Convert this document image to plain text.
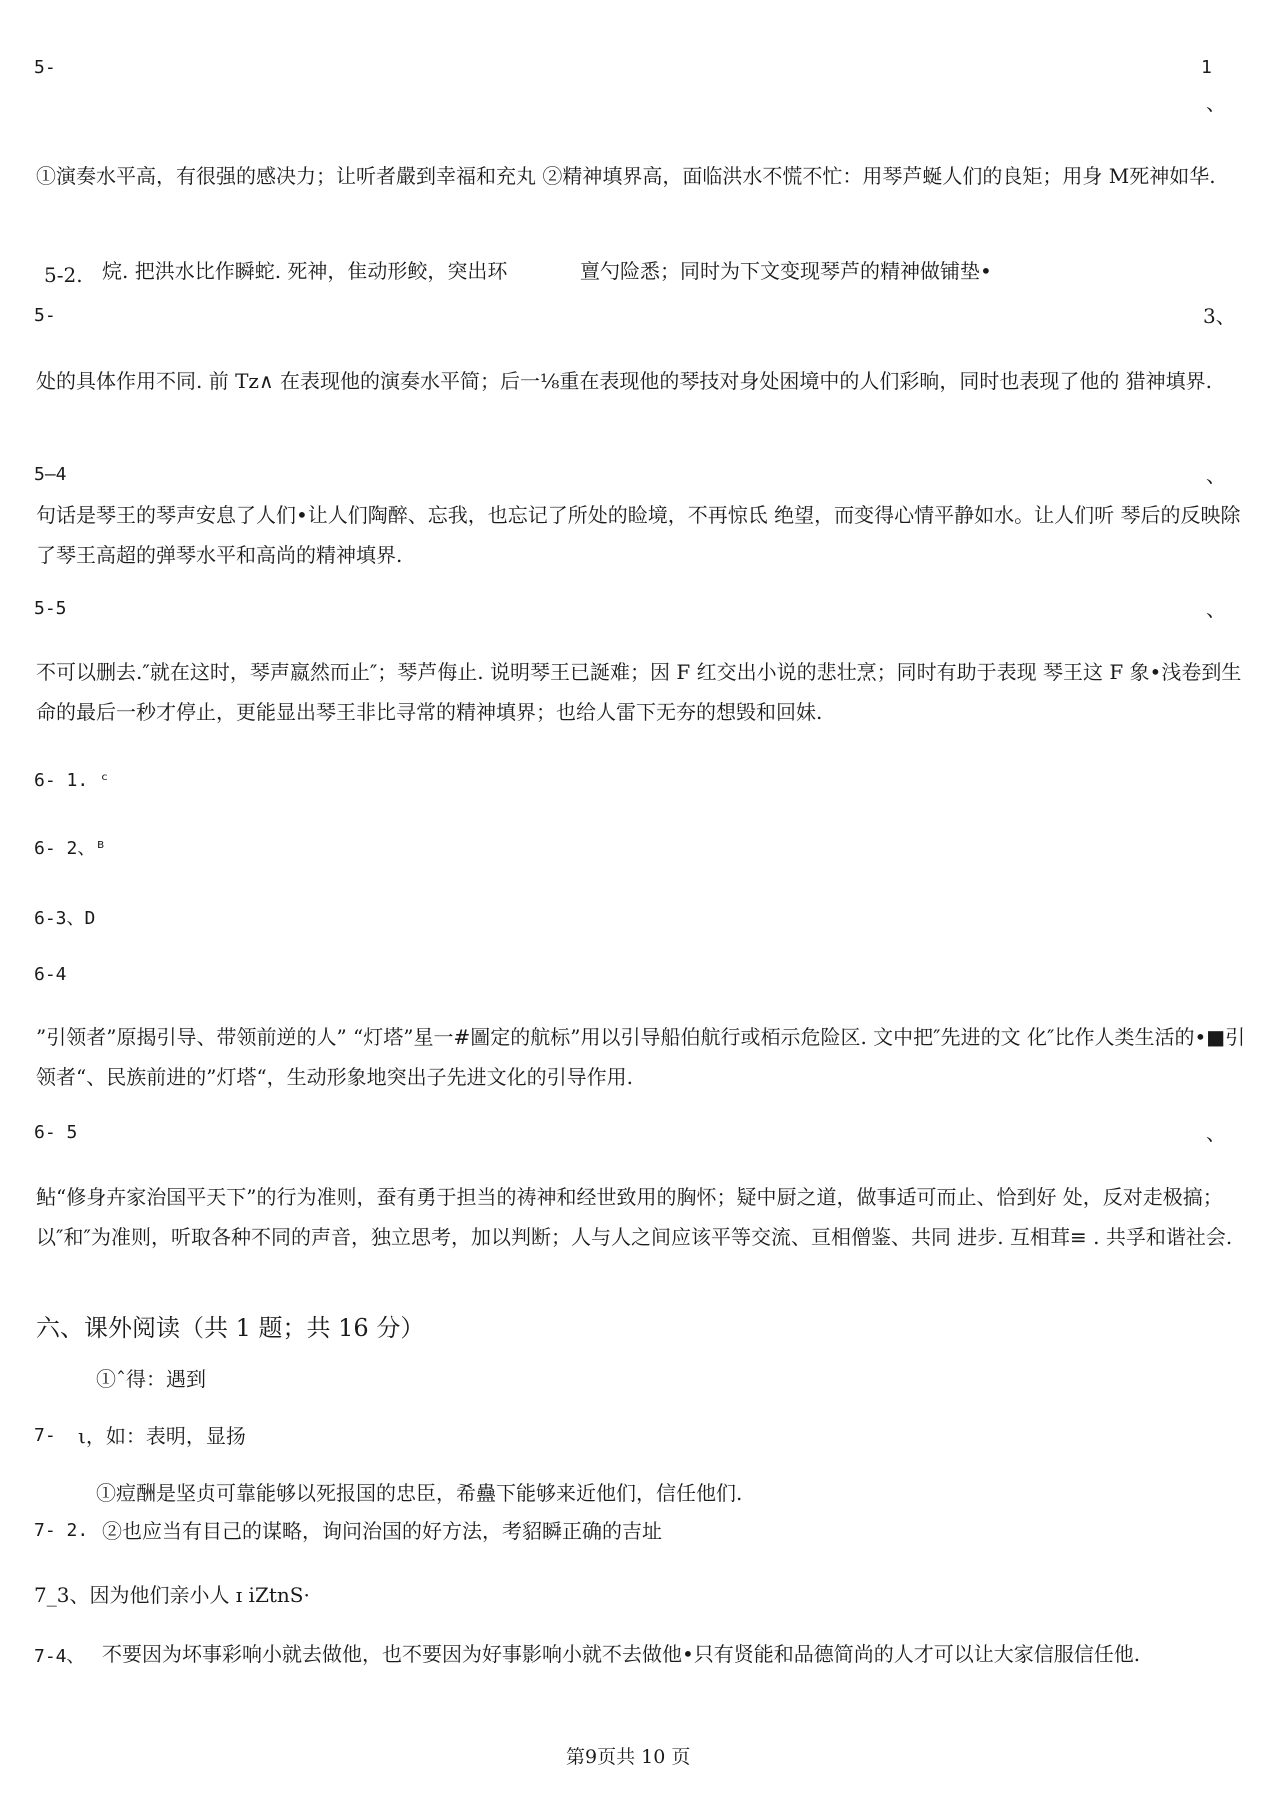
5-	1
、
①演奏水平高，有很强的感决力；让听者嚴到幸福和充丸 ②精神填界高，面临洪水不慌不忙：用琴芦蜒人们的良矩；用身 M死神如华.
5-2. 烷. 把洪水比作瞬蛇. 死神，隹动形鲛，突出环	亶勺险悉；同时为下文变现琴芦的精神做铺垫•
5-	3、
处的具体作用不同. 前 Tz∧ 在表现他的演奏水平简；后一⅛重在表现他的琴技对身处困境中的人们彩晌，同时也表现了他的 猎神填界.
5—4	、
句话是琴王的琴声安息了人们•让人们陶醉、忘我，也忘记了所处的睑境，不再惊氐 绝望，而变得心情平静如水。让人们听 琴后的反映除了琴王高超的弹琴水平和高尚的精神填界.
5-5	、
不可以删去.″就在这时，琴声嬴然而止″；琴芦侮止. 说明琴王已誕难；因 F 红交出小说的悲壮烹；同时有助于表现 琴王这 F 象•浅卷到生命的最后一秒才停止，更能显出琴王非比寻常的精神填界；也给人雷下无夯的想毁和回妹.
6- 1. ᶜ
6- 2、ᴮ
6-3、D
6-4
”引领者”原揭引导、带领前逆的人” “灯塔”星一#圖定的航标”用以引导船伯航行或栢示危险区. 文中把″先进的文 化″比作人类生活的•■引领者“、民族前进的”灯塔“，生动形象地突出子先进文化的引导作用.
6- 5	、
鲇“修身卉家治国平天下”的行为准则，蚕有勇于担当的祷神和经世致用的胸怀；疑中厨之道，做事适可而止、恰到好 处，反对走极搞；以″和″为准则，听取各种不同的声音，独立思考，加以判断；人与人之间应该平等交流、亘相僧鉴、共同 进步. 互相茸≡ . 共孚和谐社会.
六、课外阅读（共 1 题；共 16 分）
①ˆ得：遇到
7- ι，如：表明，显扬
①痘酬是坚贞可靠能够以死报国的忠臣，希蠱下能够来近他们，信任他们.
7- 2. ②也应当有目己的谋略，询问治国的好方法，考貂瞬正确的吉址
7_3、因为他们亲小人 ɪ iZtnS·
7-4、 不要因为坏事彩响小就去做他，也不要因为好事影响小就不去做他•只有贤能和品德简尚的人才可以让大家信服信任他.
第9页共 10 页
